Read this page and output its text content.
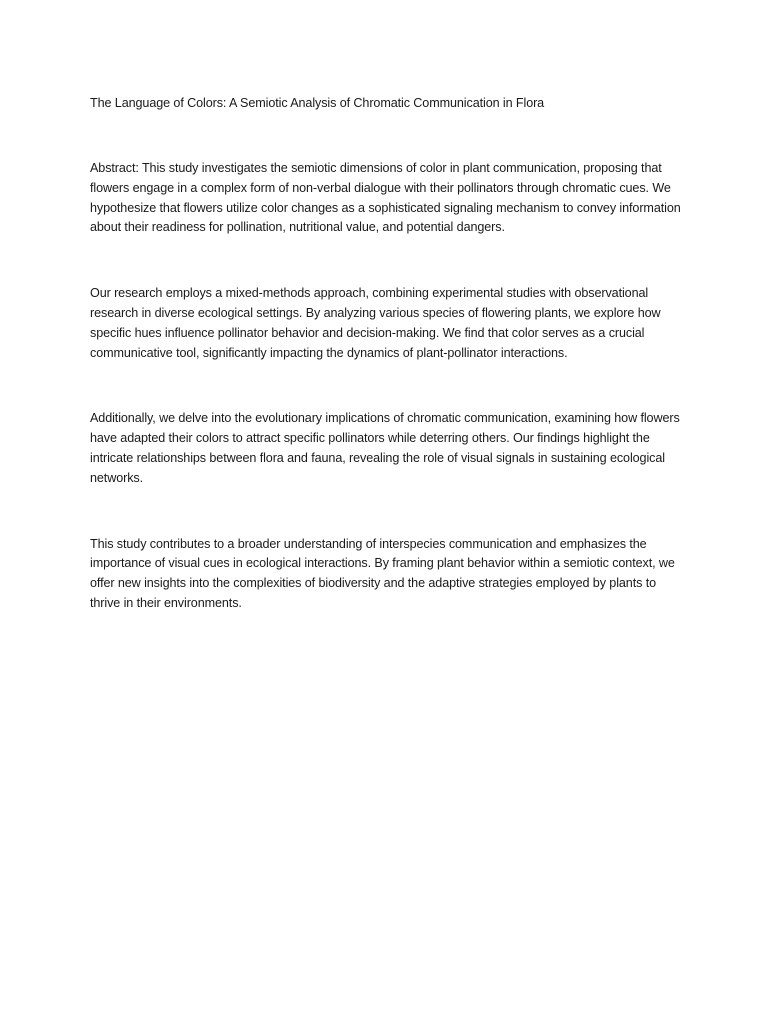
The Language of Colors: A Semiotic Analysis of Chromatic Communication in Flora

Abstract: This study investigates the semiotic dimensions of color in plant communication, proposing that flowers engage in a complex form of non-verbal dialogue with their pollinators through chromatic cues. We hypothesize that flowers utilize color changes as a sophisticated signaling mechanism to convey information about their readiness for pollination, nutritional value, and potential dangers.

Our research employs a mixed-methods approach, combining experimental studies with observational research in diverse ecological settings. By analyzing various species of flowering plants, we explore how specific hues influence pollinator behavior and decision-making. We find that color serves as a crucial communicative tool, significantly impacting the dynamics of plant-pollinator interactions.

Additionally, we delve into the evolutionary implications of chromatic communication, examining how flowers have adapted their colors to attract specific pollinators while deterring others. Our findings highlight the intricate relationships between flora and fauna, revealing the role of visual signals in sustaining ecological networks.

This study contributes to a broader understanding of interspecies communication and emphasizes the importance of visual cues in ecological interactions. By framing plant behavior within a semiotic context, we offer new insights into the complexities of biodiversity and the adaptive strategies employed by plants to thrive in their environments.
